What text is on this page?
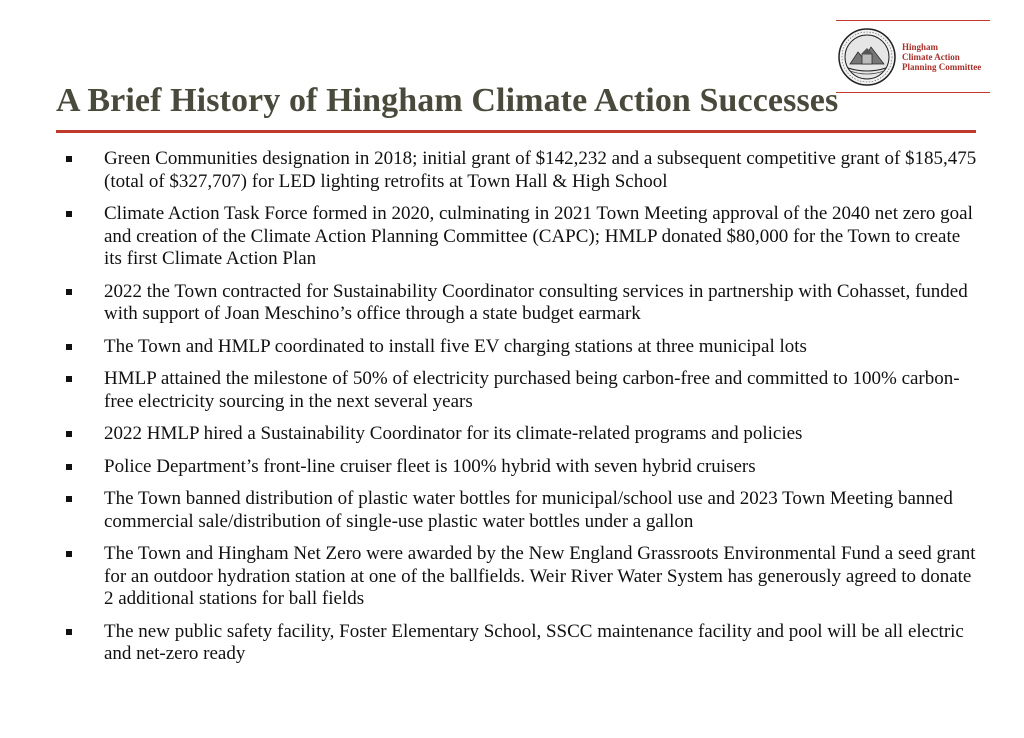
Hingham
Climate Action
Planning Committee
A Brief History of Hingham Climate Action Successes
Green Communities designation in 2018; initial grant of $142,232 and a subsequent competitive grant of $185,475 (total of $327,707) for LED lighting retrofits at Town Hall & High School
Climate Action Task Force formed in 2020, culminating in 2021 Town Meeting approval of the 2040 net zero goal and creation of the Climate Action Planning Committee (CAPC); HMLP donated $80,000 for the Town to create its first Climate Action Plan
2022 the Town contracted for Sustainability Coordinator consulting services in partnership with Cohasset, funded with support of Joan Meschino’s office through a state budget earmark
The Town and HMLP coordinated to install five EV charging stations at three municipal lots
HMLP attained the milestone of 50% of electricity purchased being carbon-free and committed to 100% carbon-free electricity sourcing in the next several years
2022 HMLP hired a Sustainability Coordinator for its climate-related programs and policies
Police Department’s front-line cruiser fleet is 100% hybrid with seven hybrid cruisers
The Town banned distribution of plastic water bottles for municipal/school use and 2023 Town Meeting banned commercial sale/distribution of single-use plastic water bottles under a gallon
The Town and Hingham Net Zero were awarded by the New England Grassroots Environmental Fund a seed grant for an outdoor hydration station at one of the ballfields. Weir River Water System has generously agreed to donate 2 additional stations for ball fields
The new public safety facility, Foster Elementary School, SSCC maintenance facility and pool will be all electric and net-zero ready
